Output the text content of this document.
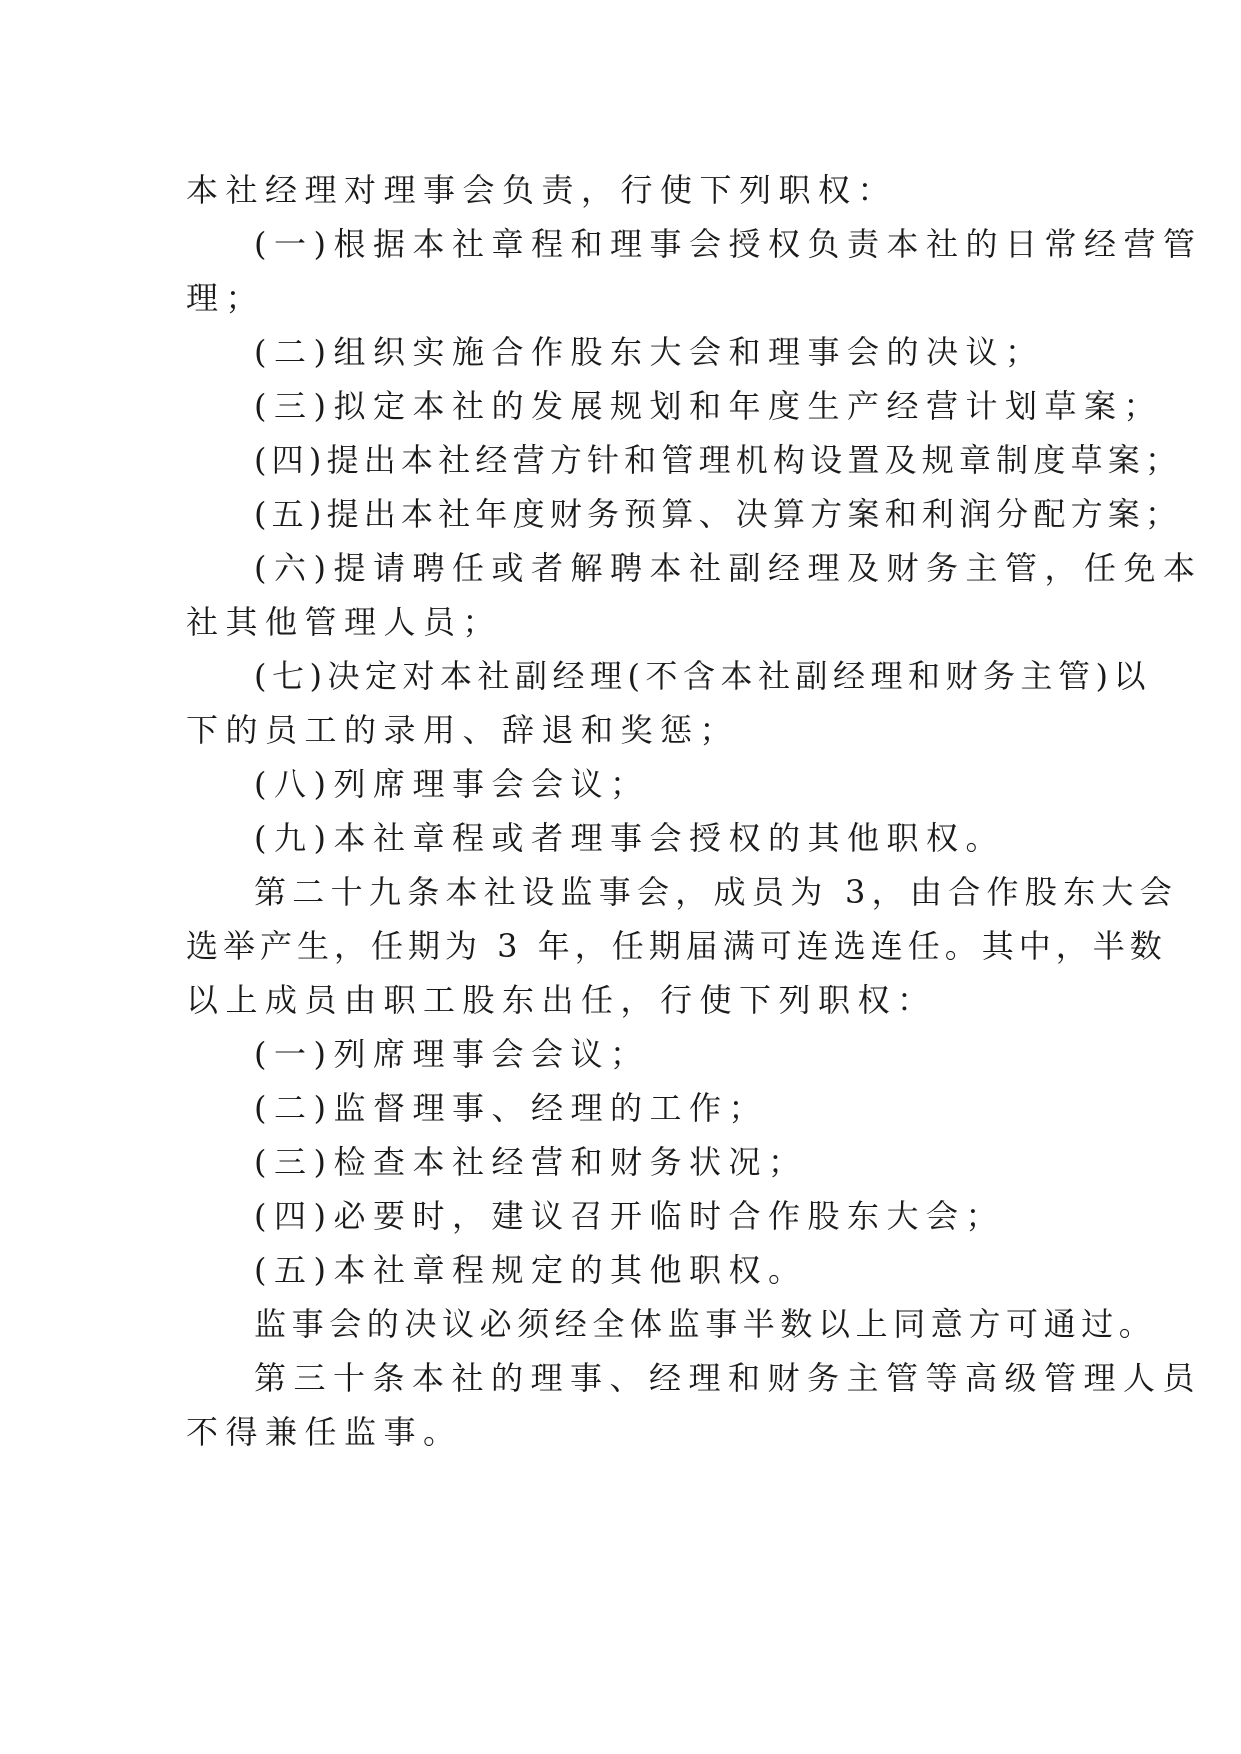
本社经理对理事会负责，行使下列职权：
(一)根据本社章程和理事会授权负责本社的日常经营管
理；
(二)组织实施合作股东大会和理事会的决议；
(三)拟定本社的发展规划和年度生产经营计划草案；
(四)提出本社经营方针和管理机构设置及规章制度草案；
(五)提出本社年度财务预算、决算方案和利润分配方案；
(六)提请聘任或者解聘本社副经理及财务主管，任免本
社其他管理人员；
(七)决定对本社副经理(不含本社副经理和财务主管)以
下的员工的录用、辞退和奖惩；
(八)列席理事会会议；
(九)本社章程或者理事会授权的其他职权。
第二十九条本社设监事会，成员为 3，由合作股东大会
选举产生，任期为 3 年，任期届满可连选连任。其中，半数
以上成员由职工股东出任，行使下列职权：
(一)列席理事会会议；
(二)监督理事、经理的工作；
(三)检查本社经营和财务状况；
(四)必要时，建议召开临时合作股东大会；
(五)本社章程规定的其他职权。
监事会的决议必须经全体监事半数以上同意方可通过。
第三十条本社的理事、经理和财务主管等高级管理人员
不得兼任监事。
